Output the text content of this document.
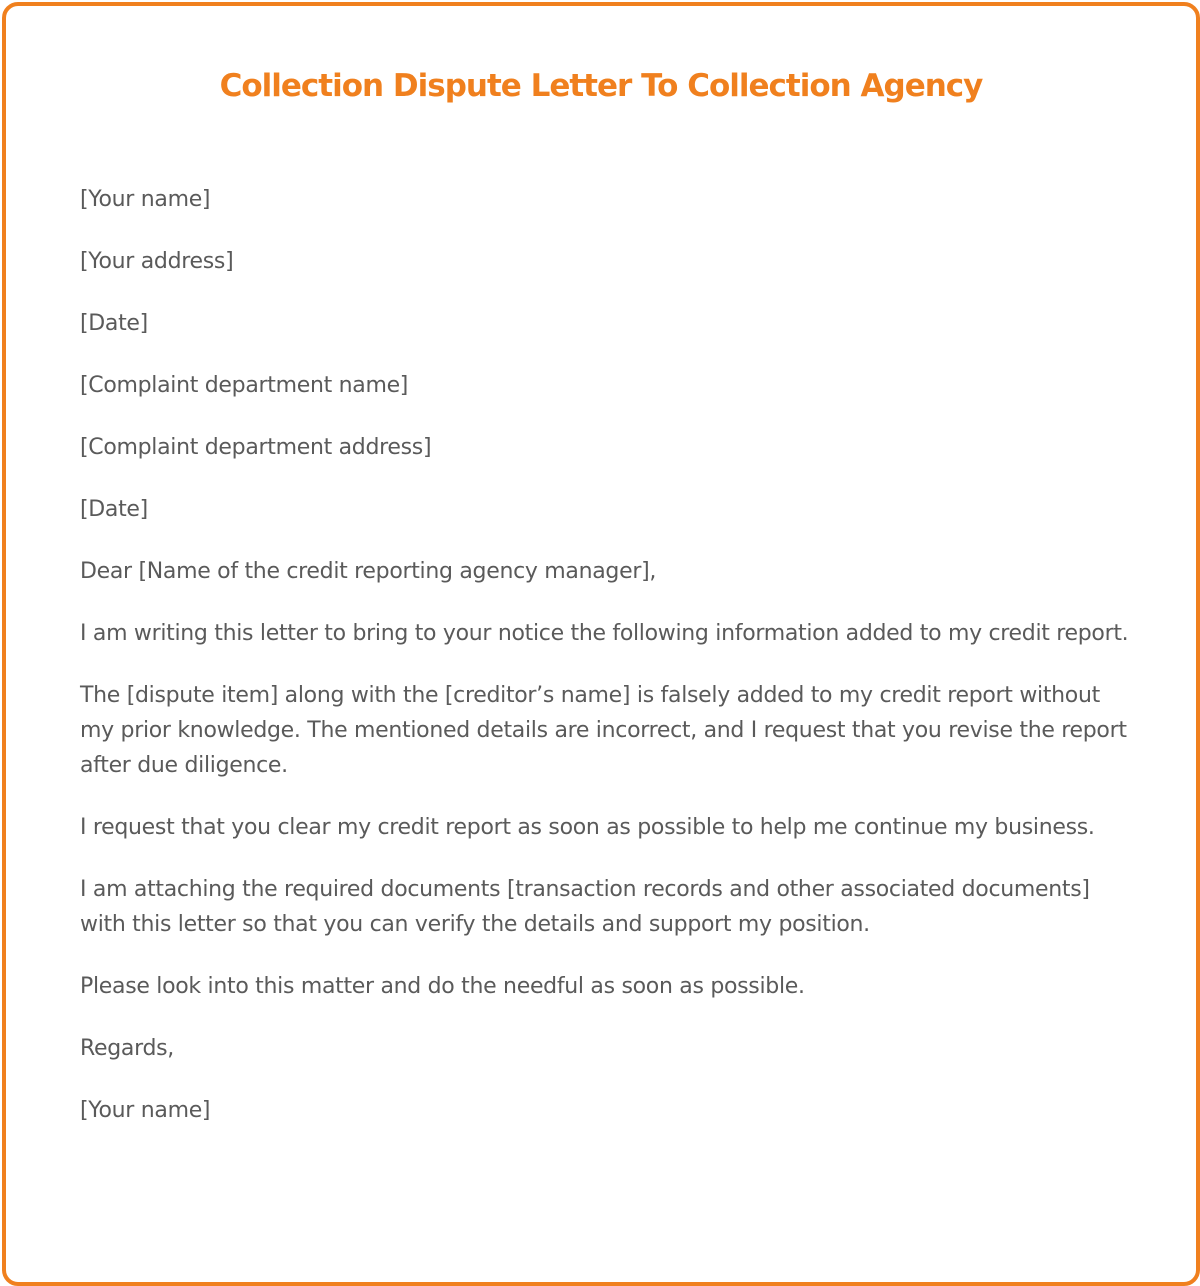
Collection Dispute Letter To Collection Agency

[Your name]

[Your address]

[Date]

[Complaint department name]

[Complaint department address]

[Date]

Dear [Name of the credit reporting agency manager],

I am writing this letter to bring to your notice the following information added to my credit report.

The [dispute item] along with the [creditor’s name] is falsely added to my credit report without my prior knowledge. The mentioned details are incorrect, and I request that you revise the report after due diligence.

I request that you clear my credit report as soon as possible to help me continue my business.

I am attaching the required documents [transaction records and other associated documents] with this letter so that you can verify the details and support my position.

Please look into this matter and do the needful as soon as possible.

Regards,

[Your name]
